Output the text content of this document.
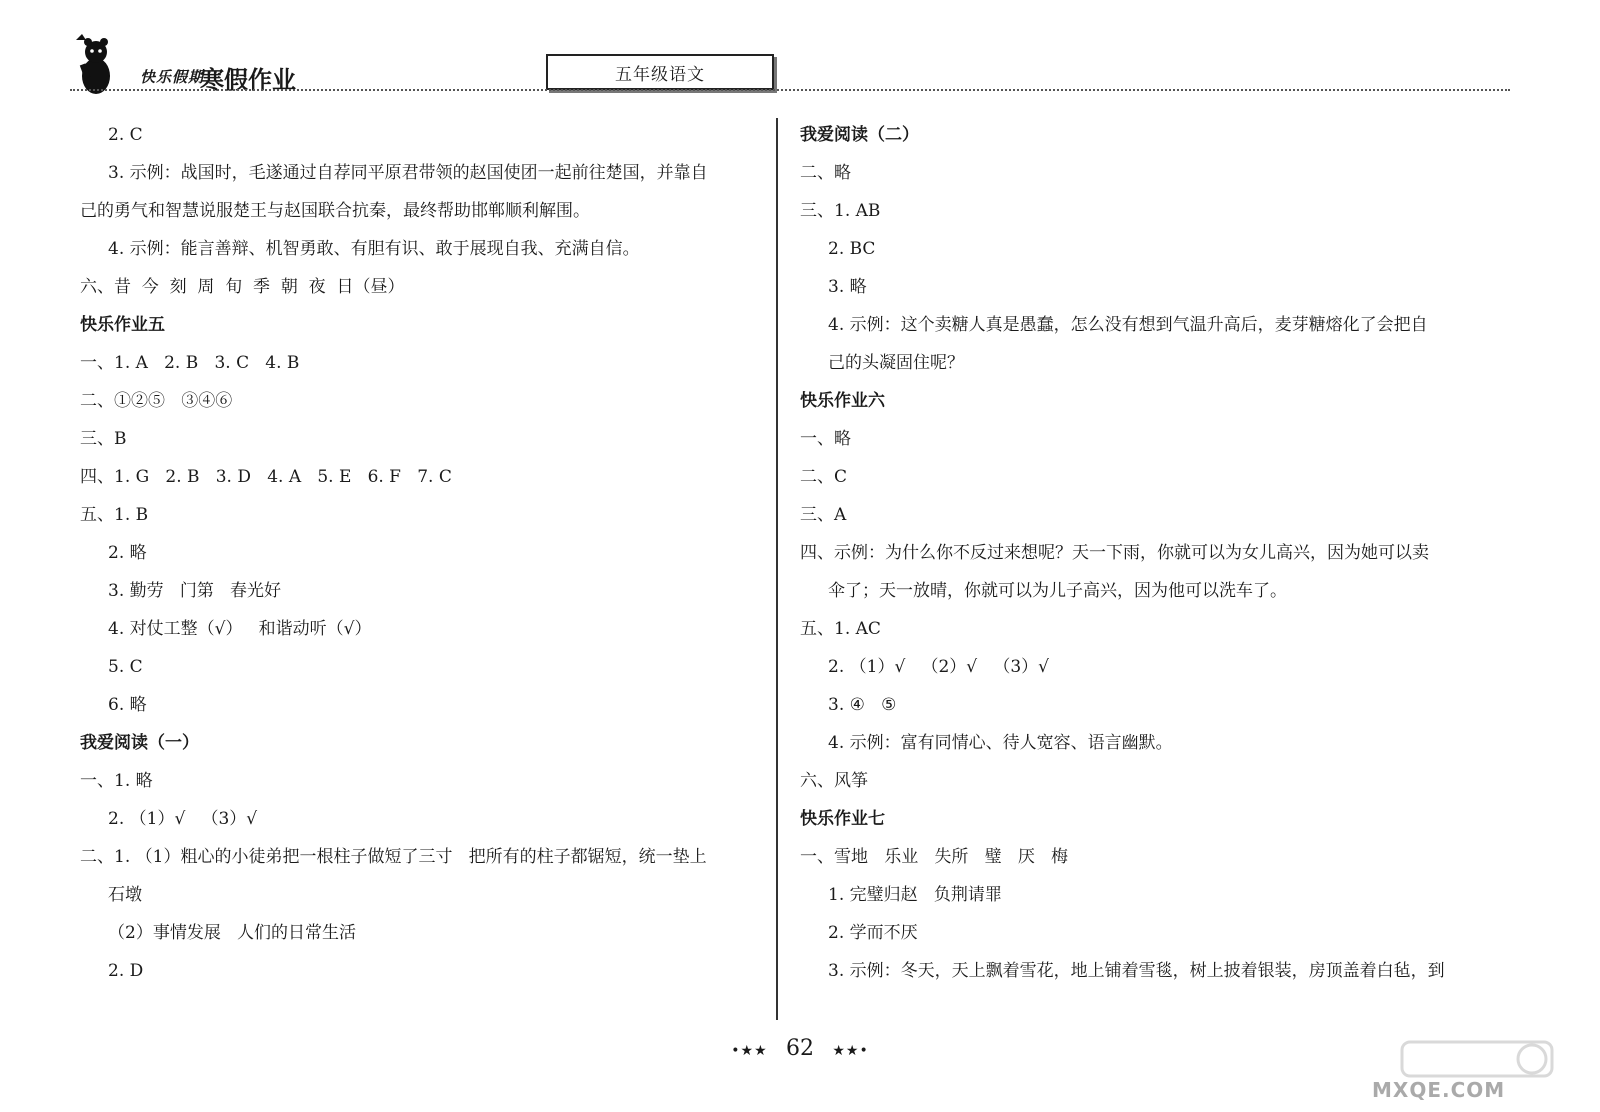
快乐假期
寒假作业	五年级语文
2. C
3. 示例：战国时，毛遂通过自荐同平原君带领的赵国使团一起前往楚国，并靠自
己的勇气和智慧说服楚王与赵国联合抗秦，最终帮助邯郸顺利解围。
4. 示例：能言善辩、机智勇敢、有胆有识、敢于展现自我、充满自信。
六、昔  今  刻  周  旬  季  朝  夜  日（昼）
快乐作业五
一、1. A   2. B   3. C   4. B
二、①②⑤   ③④⑥
三、B
四、1. G   2. B   3. D   4. A   5. E   6. F   7. C
五、1. B
2. 略
3. 勤劳   门第   春光好
4. 对仗工整（√）   和谐动听（√）
5. C
6. 略
我爱阅读（一）
一、1. 略
2. （1）√   （3）√
二、1. （1）粗心的小徒弟把一根柱子做短了三寸   把所有的柱子都锯短，统一垫上
石墩
（2）事情发展   人们的日常生活
2. D
我爱阅读（二）
二、略
三、1. AB
2. BC
3. 略
4. 示例：这个卖糖人真是愚蠢，怎么没有想到气温升高后，麦芽糖熔化了会把自
己的头凝固住呢？
快乐作业六
一、略
二、C
三、A
四、示例：为什么你不反过来想呢？天一下雨，你就可以为女儿高兴，因为她可以卖
伞了；天一放晴，你就可以为儿子高兴，因为他可以洗车了。
五、1. AC
2. （1）√   （2）√   （3）√
3. ④   ⑤
4. 示例：富有同情心、待人宽容、语言幽默。
六、风筝
快乐作业七
一、雪地   乐业   失所   璧   厌   梅
1. 完璧归赵   负荆请罪
2. 学而不厌
3. 示例：冬天，天上飘着雪花，地上铺着雪毯，树上披着银装，房顶盖着白毡，到
•★★ 62 ★★•
MXQE.COM
